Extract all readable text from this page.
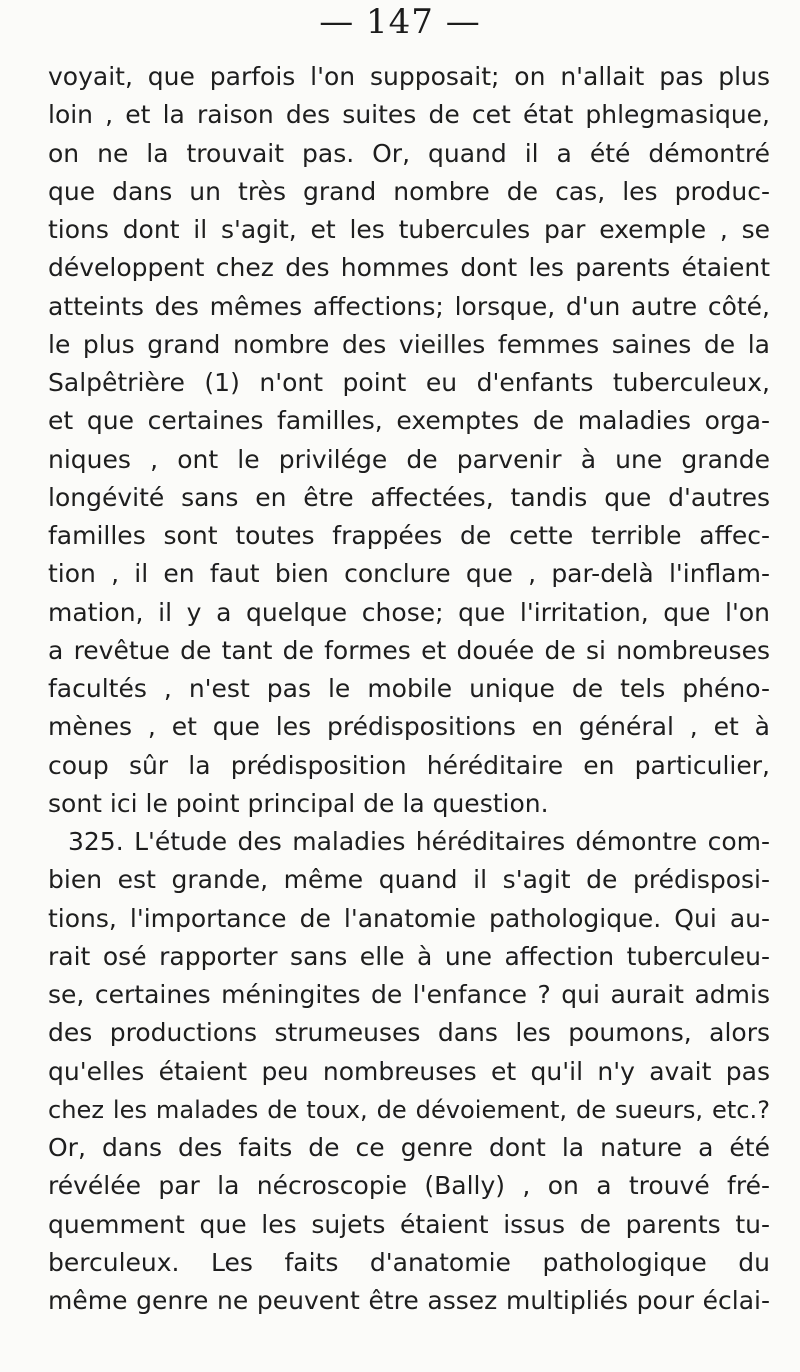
— 147 —
voyait, que parfois l'on supposait; on n'allait pas plus
loin , et la raison des suites de cet état phlegmasique,
on ne la trouvait pas. Or, quand il a été démontré
que dans un très grand nombre de cas, les produc-
tions dont il s'agit, et les tubercules par exemple , se
développent chez des hommes dont les parents étaient
atteints des mêmes affections; lorsque, d'un autre côté,
le plus grand nombre des vieilles femmes saines de la
Salpêtrière (1) n'ont point eu d'enfants tuberculeux,
et que certaines familles, exemptes de maladies orga-
niques , ont le privilége de parvenir à une grande
longévité sans en être affectées, tandis que d'autres
familles sont toutes frappées de cette terrible affec-
tion , il en faut bien conclure que , par-delà l'inflam-
mation, il y a quelque chose; que l'irritation, que l'on
a revêtue de tant de formes et douée de si nombreuses
facultés , n'est pas le mobile unique de tels phéno-
mènes , et que les prédispositions en général , et à
coup sûr la prédisposition héréditaire en particulier,
sont ici le point principal de la question.
325. L'étude des maladies héréditaires démontre com-
bien est grande, même quand il s'agit de prédisposi-
tions, l'importance de l'anatomie pathologique. Qui au-
rait osé rapporter sans elle à une affection tuberculeu-
se, certaines méningites de l'enfance ? qui aurait admis
des productions strumeuses dans les poumons, alors
qu'elles étaient peu nombreuses et qu'il n'y avait pas
chez les malades de toux, de dévoiement, de sueurs, etc.?
Or, dans des faits de ce genre dont la nature a été
révélée par la nécroscopie (Bally) , on a trouvé fré-
quemment que les sujets étaient issus de parents tu-
berculeux. Les faits d'anatomie pathologique du
même genre ne peuvent être assez multipliés pour éclai-
